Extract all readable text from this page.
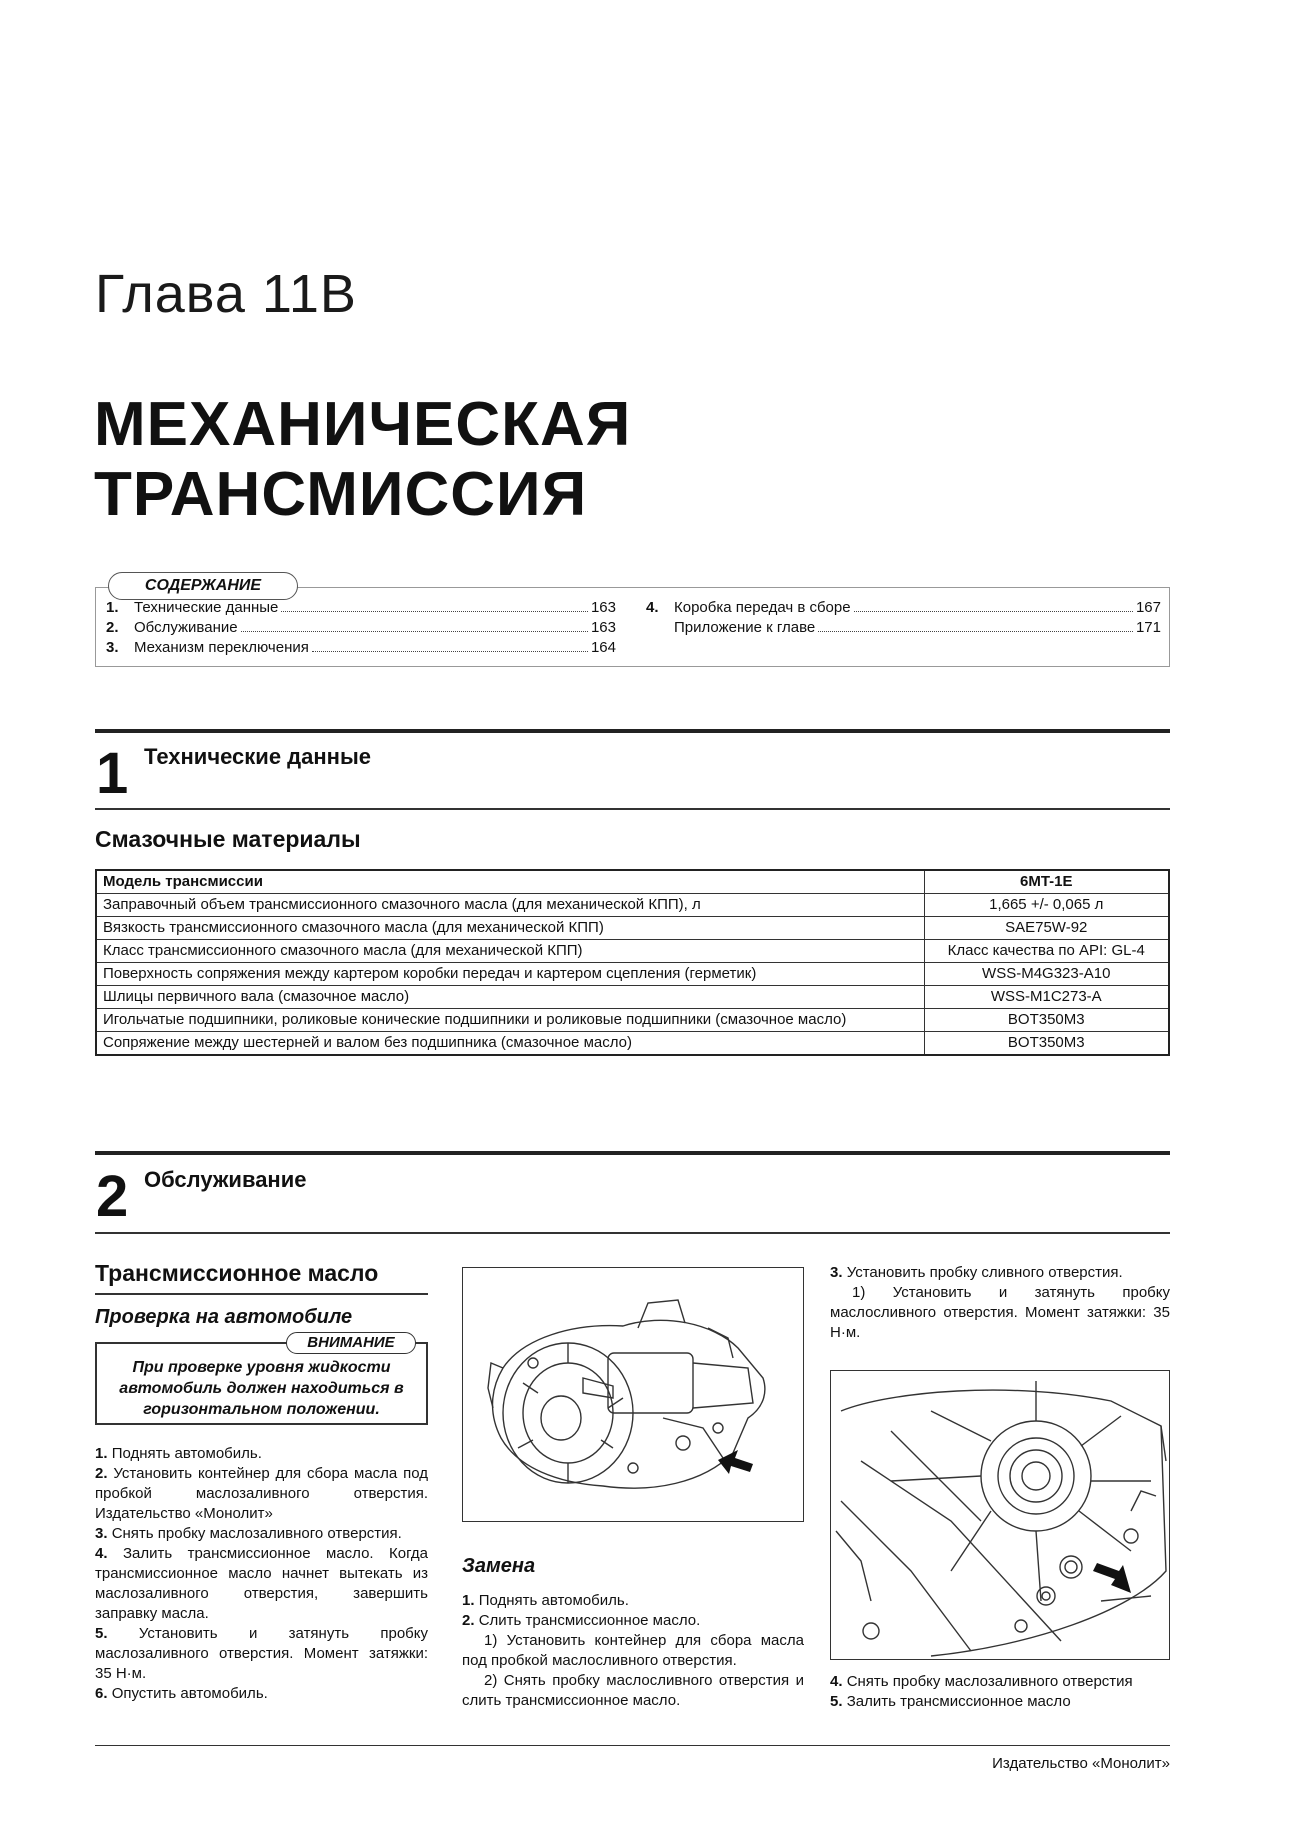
Глава 11В
МЕХАНИЧЕСКАЯ
ТРАНСМИССИЯ
СОДЕРЖАНИЕ
1.	Технические данные	163
2.	Обслуживание	163
3.	Механизм переключения	164
4.	Коробка передач в сборе	167
Приложение к главе	171
1 Технические данные
Смазочные материалы
Модель трансмиссии	6MT-1E
Заправочный объем трансмиссионного смазочного масла (для механической КПП), л	1,665 +/- 0,065 л
Вязкость трансмиссионного смазочного масла (для механической КПП)	SAE75W-92
Класс трансмиссионного смазочного масла (для механической КПП)	Класс качества по API: GL-4
Поверхность сопряжения между картером коробки передач и картером сцепления (герметик)	WSS-M4G323-A10
Шлицы первичного вала (смазочное масло)	WSS-M1C273-A
Игольчатые подшипники, роликовые конические подшипники и роликовые подшипники (смазочное масло)	BOT350M3
Сопряжение между шестерней и валом без подшипника (смазочное масло)	BOT350M3
2 Обслуживание
Трансмиссионное масло
Проверка на автомобиле
ВНИМАНИЕ
При проверке уровня жидкости автомобиль должен находиться в горизонтальном положении.

1. Поднять автомобиль.

2. Установить контейнер для сбора масла под пробкой маслозаливного отверстия. Издательство «Монолит»

3. Снять пробку маслозаливного отверстия.

4. Залить трансмиссионное масло. Когда трансмиссионное масло начнет вытекать из маслозаливного отверстия, завершить заправку масла.

5. Установить и затянуть пробку маслозаливного отверстия. Момент затяжки: 35 Н·м.

6. Опустить автомобиль.

Замена

1. Поднять автомобиль.

2. Слить трансмиссионное масло.

1) Установить контейнер для сбора масла под пробкой маслосливного отверстия.

2) Снять пробку маслосливного отверстия и слить трансмиссионное масло.

3. Установить пробку сливного отверстия.

1) Установить и затянуть пробку маслосливного отверстия. Момент затяжки: 35 Н·м.

4. Снять пробку маслозаливного отверстия

5. Залить трансмиссионное масло

Издательство «Монолит»
